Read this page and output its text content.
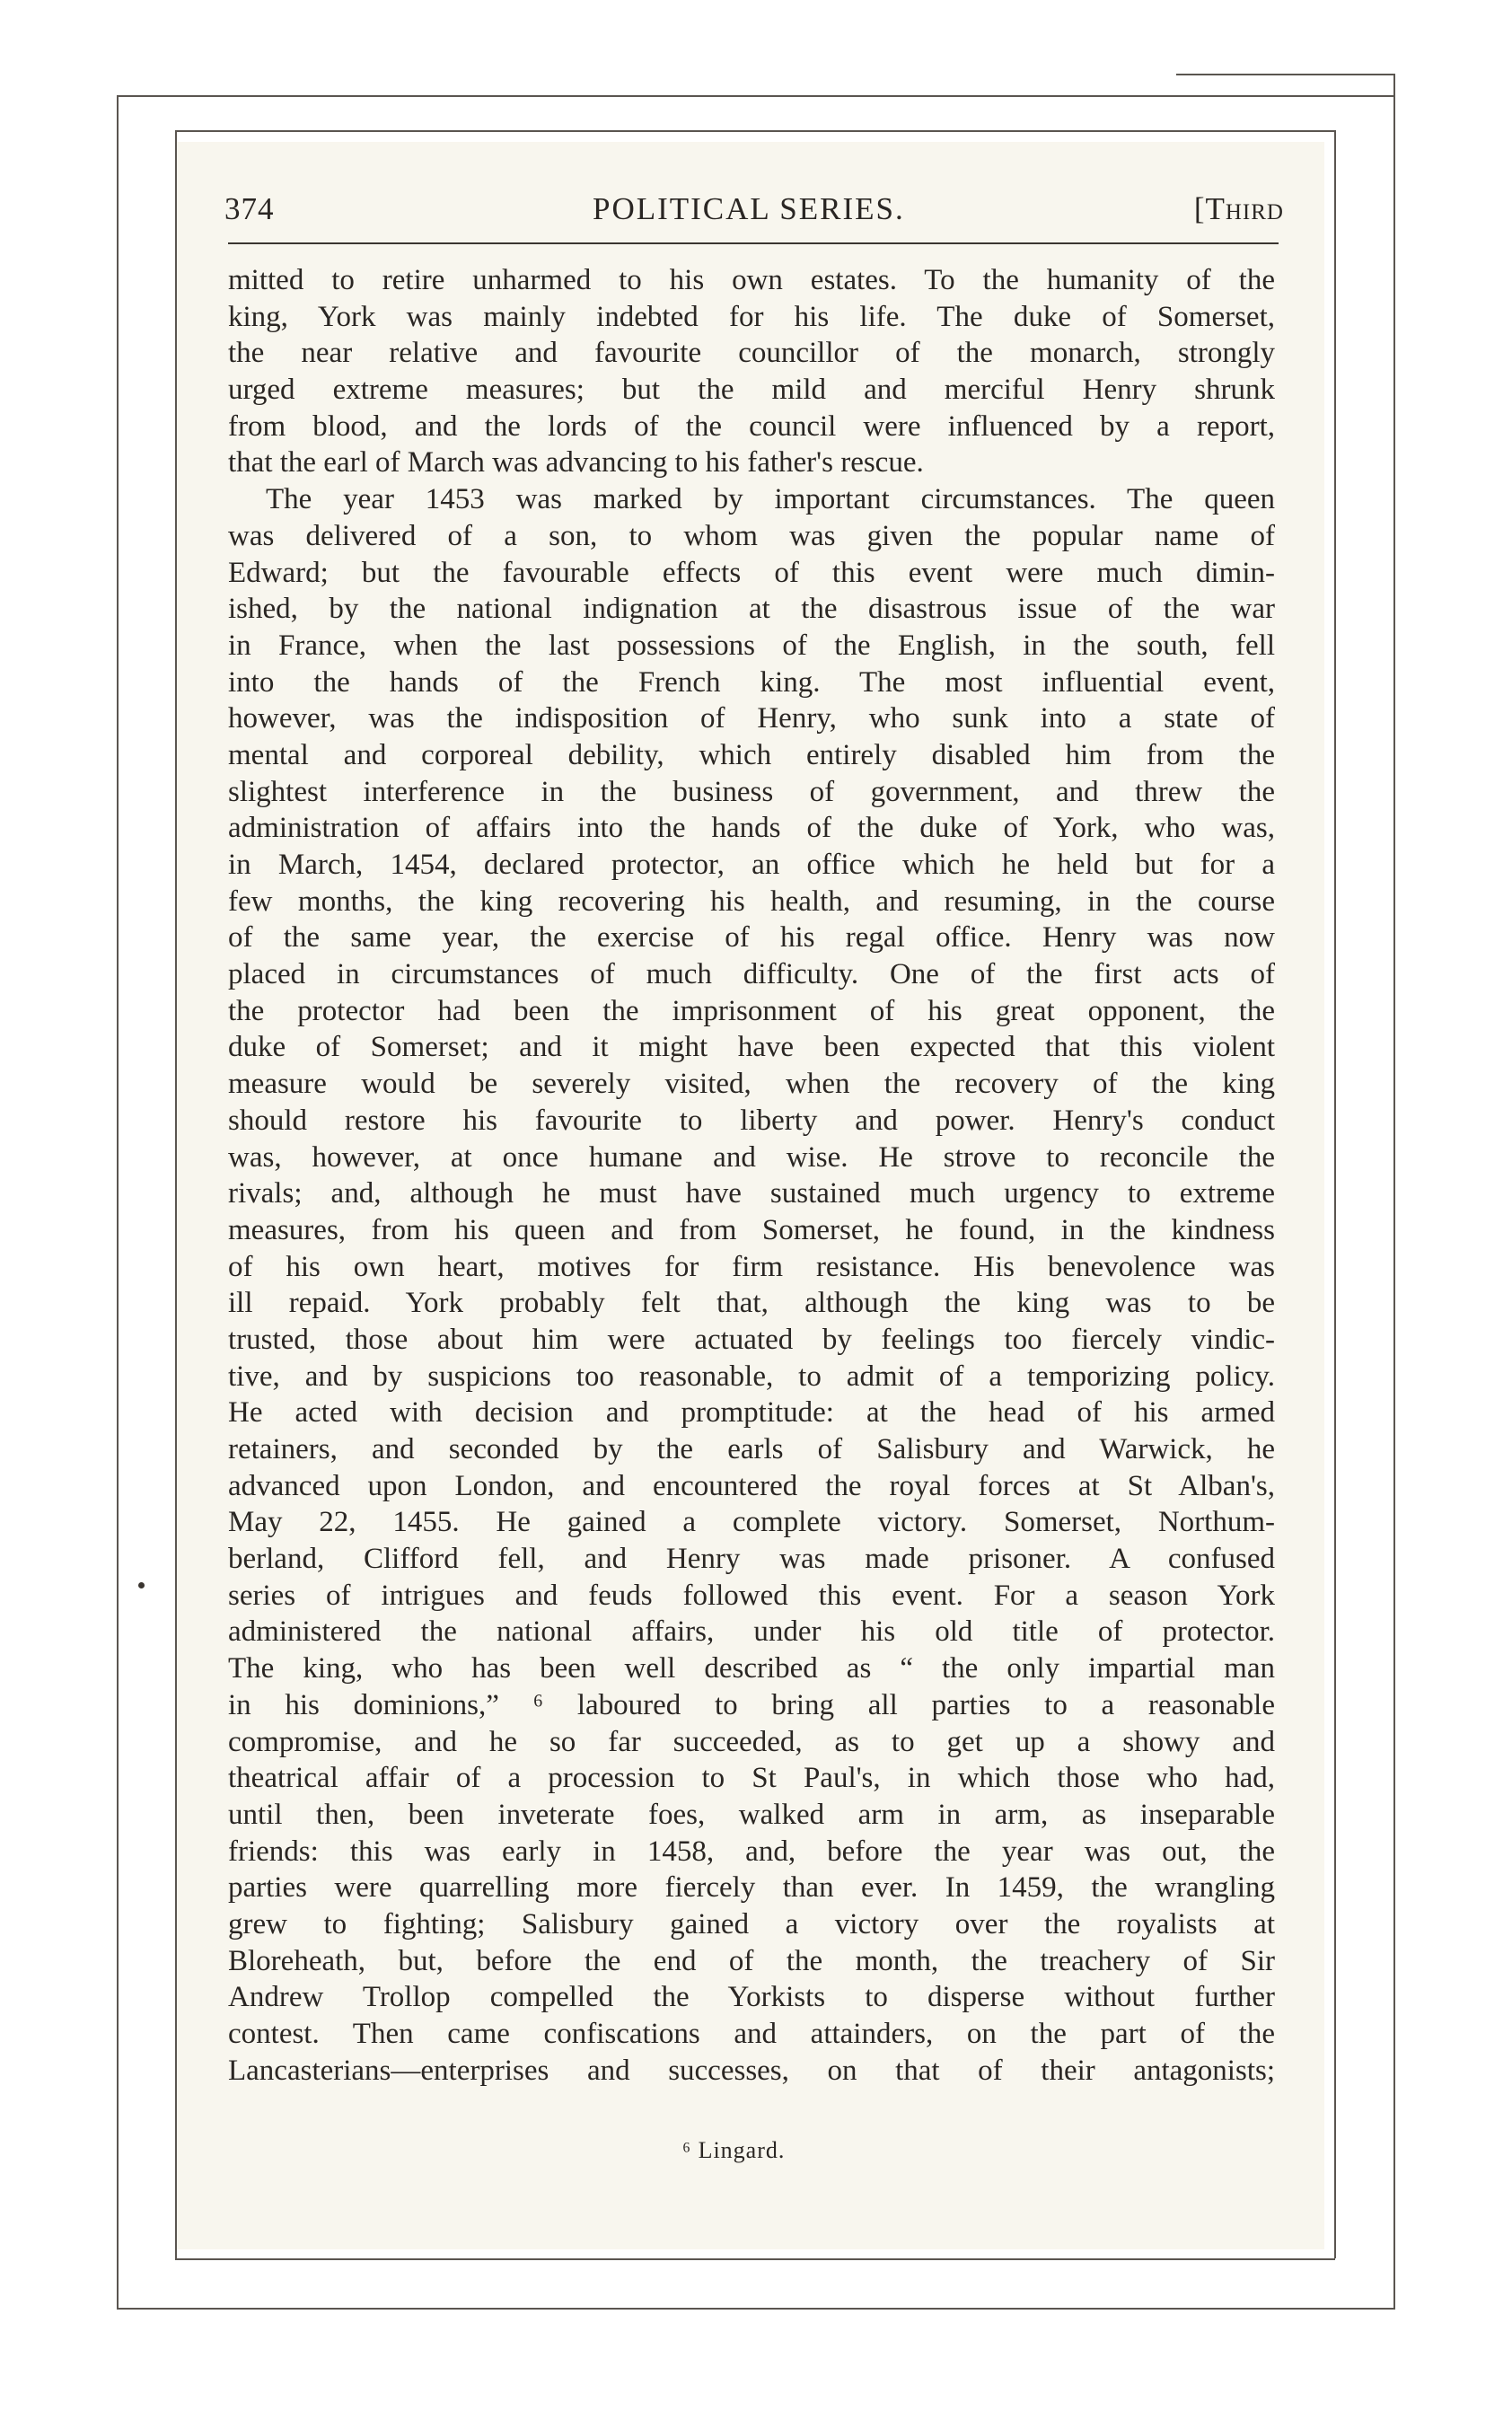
374	POLITICAL SERIES.	[Third
mitted to retire unharmed to his own estates. To the humanity of the
king, York was mainly indebted for his life. The duke of Somerset,
the near relative and favourite councillor of the monarch, strongly
urged extreme measures; but the mild and merciful Henry shrunk
from blood, and the lords of the council were influenced by a report,
that the earl of March was advancing to his father's rescue.
The year 1453 was marked by important circumstances. The queen
was delivered of a son, to whom was given the popular name of
Edward; but the favourable effects of this event were much dimin-
ished, by the national indignation at the disastrous issue of the war
in France, when the last possessions of the English, in the south, fell
into the hands of the French king. The most influential event,
however, was the indisposition of Henry, who sunk into a state of
mental and corporeal debility, which entirely disabled him from the
slightest interference in the business of government, and threw the
administration of affairs into the hands of the duke of York, who was,
in March, 1454, declared protector, an office which he held but for a
few months, the king recovering his health, and resuming, in the course
of the same year, the exercise of his regal office. Henry was now
placed in circumstances of much difficulty. One of the first acts of
the protector had been the imprisonment of his great opponent, the
duke of Somerset; and it might have been expected that this violent
measure would be severely visited, when the recovery of the king
should restore his favourite to liberty and power. Henry's conduct
was, however, at once humane and wise. He strove to reconcile the
rivals; and, although he must have sustained much urgency to extreme
measures, from his queen and from Somerset, he found, in the kindness
of his own heart, motives for firm resistance. His benevolence was
ill repaid. York probably felt that, although the king was to be
trusted, those about him were actuated by feelings too fiercely vindic-
tive, and by suspicions too reasonable, to admit of a temporizing policy.
He acted with decision and promptitude: at the head of his armed
retainers, and seconded by the earls of Salisbury and Warwick, he
advanced upon London, and encountered the royal forces at St Alban's,
May 22, 1455. He gained a complete victory. Somerset, Northum-
berland, Clifford fell, and Henry was made prisoner. A confused
series of intrigues and feuds followed this event. For a season York
administered the national affairs, under his old title of protector.
The king, who has been well described as “ the only impartial man
in his dominions,” ⁶ laboured to bring all parties to a reasonable
compromise, and he so far succeeded, as to get up a showy and
theatrical affair of a procession to St Paul's, in which those who had,
until then, been inveterate foes, walked arm in arm, as inseparable
friends: this was early in 1458, and, before the year was out, the
parties were quarrelling more fiercely than ever. In 1459, the wrangling
grew to fighting; Salisbury gained a victory over the royalists at
Bloreheath, but, before the end of the month, the treachery of Sir
Andrew Trollop compelled the Yorkists to disperse without further
contest. Then came confiscations and attainders, on the part of the
Lancasterians—enterprises and successes, on that of their antagonists;
⁶ Lingard.
